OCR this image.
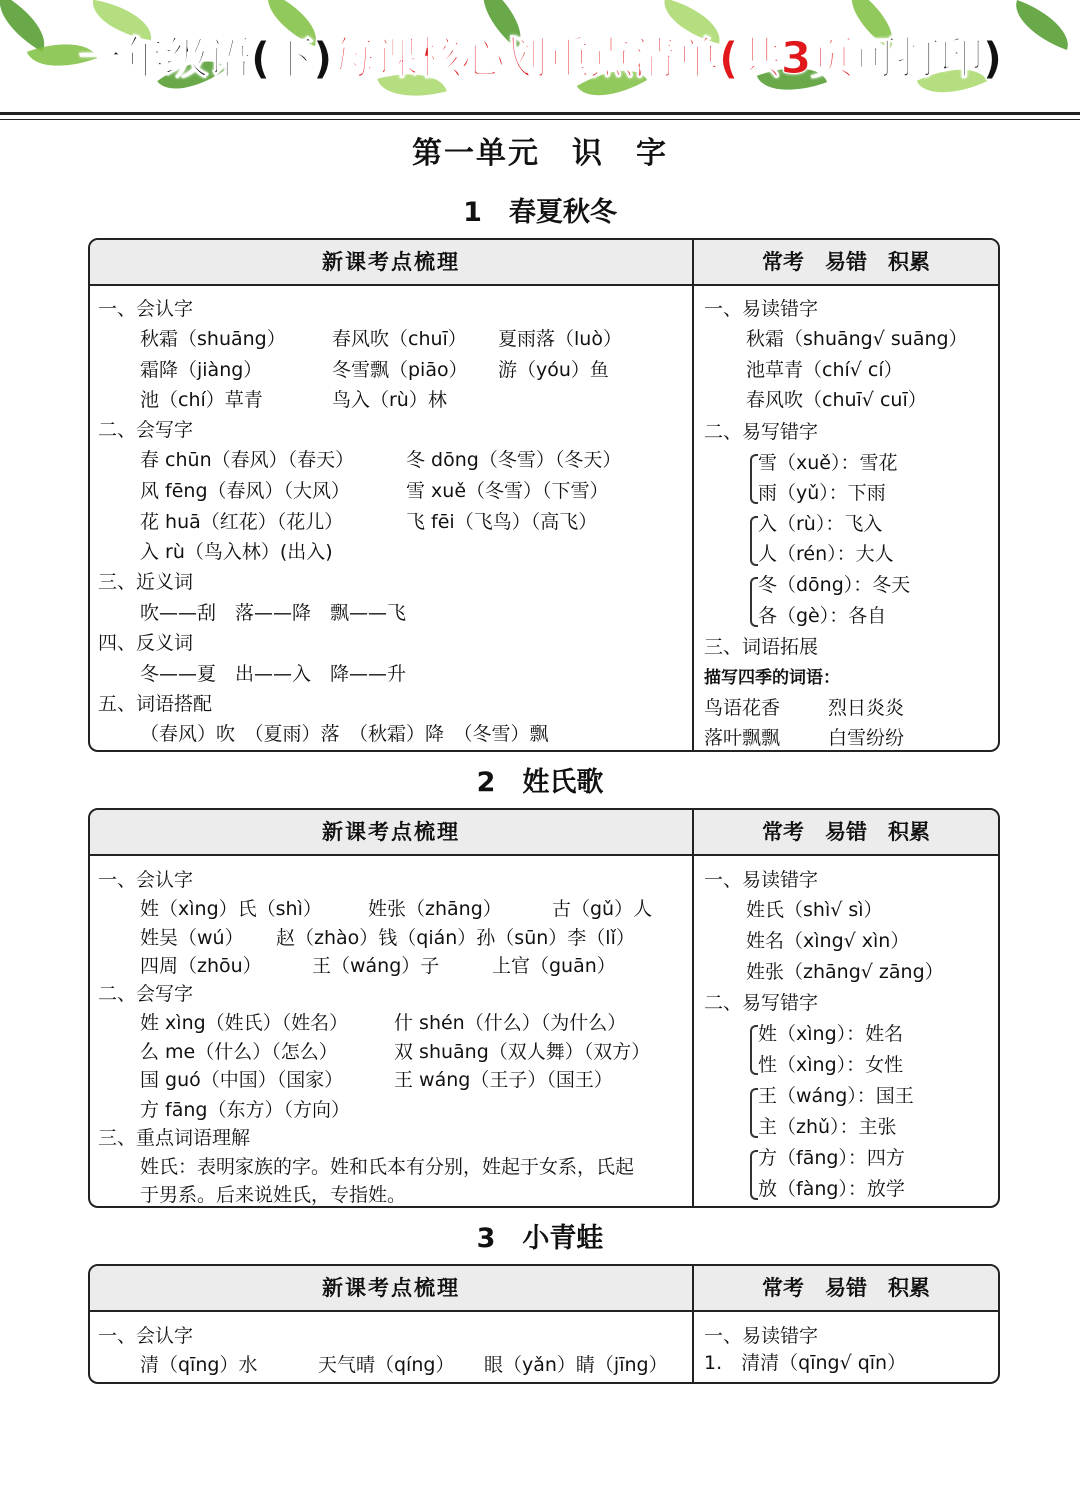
一年级语(下)每课核心划重点清单(共3页可打印)
第一单元　识　字
1　春夏秋冬
新课考点梳理	常考　易错　积累
一、会认字
秋霜（shuāng） 春风吹（chuī） 夏雨落（luò）
霜降（jiàng）	冬雪飘（piāo） 游（yóu）鱼
池（chí）草青	鸟入（rù）林
二、会写字
春 chūn（春风）（春天）	冬 dōng（冬雪）（冬天）
风 fēng（春风）（大风）	雪 xuě（冬雪）（下雪）
花 huā（红花）（花儿）	飞 fēi（飞鸟）（高飞）
入 rù（鸟入林）(出入)
三、近义词
吹——刮　落——降　飘——飞
四、反义词
冬——夏　出——入　降——升
五、词语搭配
（春风）吹　（夏雨）落　（秋霜）降　（冬雪）飘
一、易读错字
秋霜（shuāng√ suāng）
池草青（chí√ cí）
春风吹（chuī√ cuī）
二、易写错字
雪（xuě）：雪花
雨（yǔ）：下雨
入（rù）：飞入
人（rén）：大人
冬（dōng）：冬天
各（gè）：各自
三、词语拓展
描写四季的词语：
鸟语花香	烈日炎炎
落叶飘飘	白雪纷纷
2　姓氏歌
新课考点梳理	常考　易错　积累
一、会认字
姓（xìng）氏（shì） 姓张（zhāng）	古（gǔ）人
姓吴（wú） 赵（zhào）钱（qián）孙（sūn）李（lǐ）
四周（zhōu）	王（wáng）子	上官（guān）
二、会写字
姓 xìng（姓氏）（姓名） 什 shén（什么）（为什么）
么 me（什么）（怎么）	双 shuāng（双人舞）（双方）
国 guó（中国）（国家）	王 wáng（王子）（国王）
方 fāng（东方）（方向）
三、重点词语理解
姓氏：表明家族的字。姓和氏本有分别，姓起于女系，氏起
于男系。后来说姓氏，专指姓。
一、易读错字
姓氏（shì√ sì）
姓名（xìng√ xìn）
姓张（zhāng√ zāng）
二、易写错字
姓（xìng）：姓名
性（xìng）：女性
王（wáng）：国王
主（zhǔ）：主张
方（fāng）：四方
放（fàng）：放学
3　小青蛙
新课考点梳理	常考　易错　积累
一、会认字
清（qīng）水	天气晴（qíng） 眼（yǎn）睛（jīng）
一、易读错字
1.　清清（qīng√ qīn）
